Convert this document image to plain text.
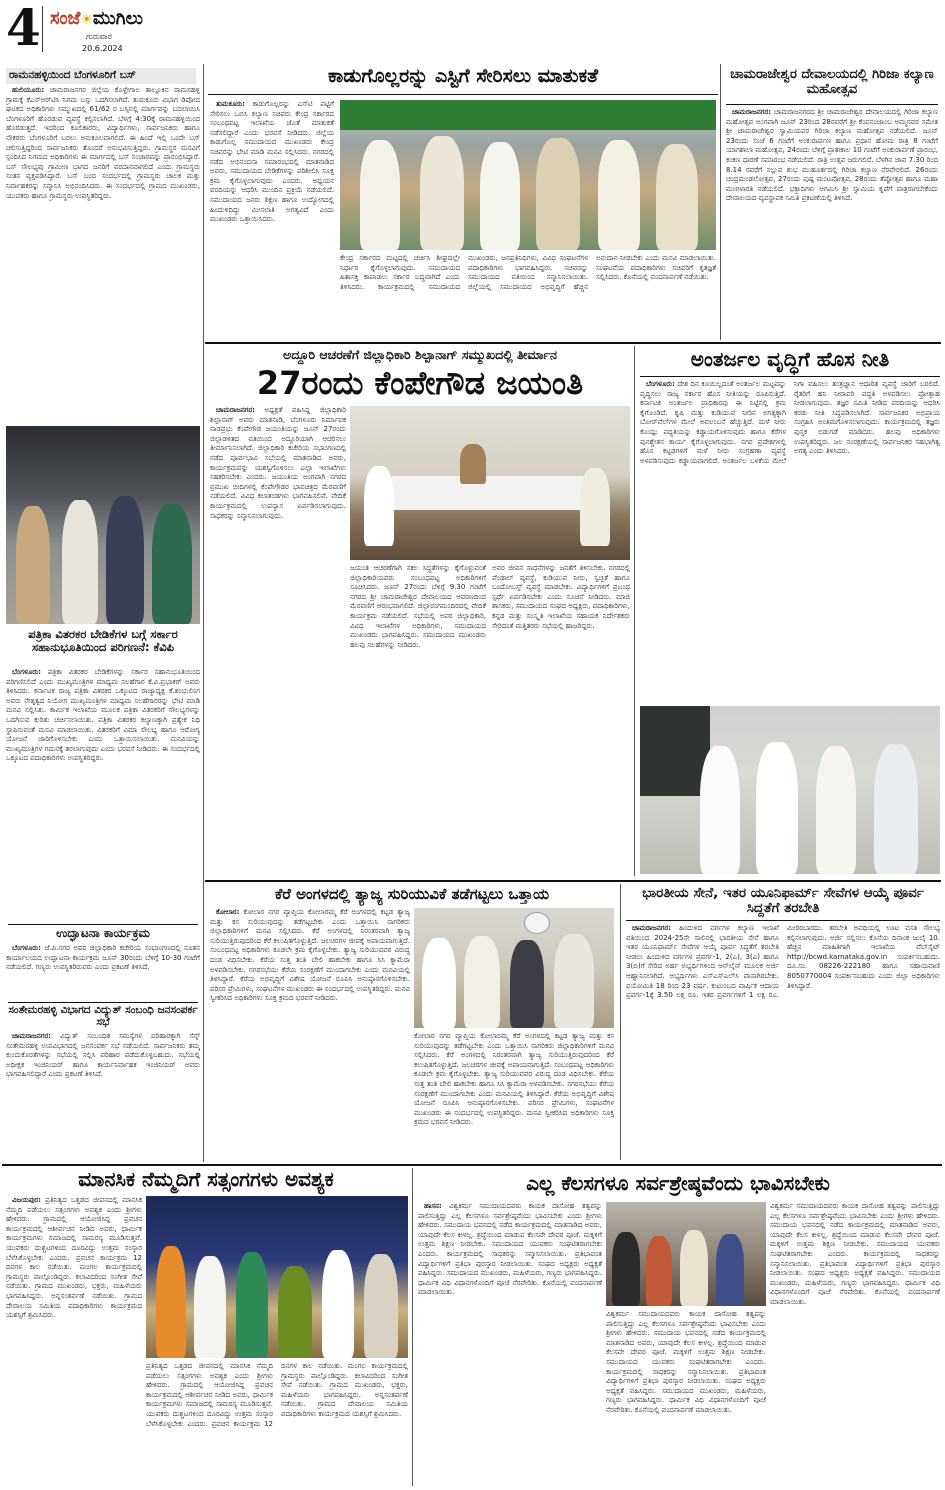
4 ಸಂಜೆ☀ಮುಗಿಲು
ಗುರುವಾರ
20.6.2024
ರಾಮನಹಳ್ಳಿಯಿಂದ ಬೆಂಗಳೂರಿಗೆ ಬಸ್

ಹುಲಿಯೂರು: ಚಾಮರಾಜನಗರ ಜಿಲ್ಲೆಯ ಕೊಳ್ಳೇಗಾಲ ತಾಲ್ಲೂಕಿನ ರಾಮನಹಳ್ಳಿ ಗ್ರಾಮಕ್ಕೆ ಕೆಎಸ್‌ಆರ್‌ಟಿಸಿ ನಿಗಮ ಬಸ್ಸು ಒದಗಿಸಲಾಗಿದೆ. ತುಮಕೂರು ವಿಭಾಗ ಡಿಪೋದ ಘಟಕದ ಅಧಿಕಾರಿಗಳು ಸಮ್ಮುಖದಲ್ಲಿ 61/62 ರ ಬಸ್ಸಿನಲ್ಲಿ ಮಾರ್ಗವನ್ನು ಬದಲಾಯಿಸಿ ಬೆಂಗಳೂರಿಗೆ ಹೊರಡುವ ವ್ಯವಸ್ಥೆ ಕಲ್ಪಿಸಲಾಗಿದೆ. ಬೆಳಗ್ಗೆ 4:30ಕ್ಕೆ ರಾಮನಹಳ್ಳಿಯಿಂದ ಹೊರಡುತ್ತದೆ. ಇದರಿಂದ ಕೂಲಿಕಾರರು, ವಿದ್ಯಾರ್ಥಿಗಳು, ಸಾರ್ವಜನಿಕರು ಹಾಗೂ ನೌಕರರು ಬೆಂಗಳೂರಿಗೆ ಬರಲು ಅನುಕೂಲವಾಗಲಿದೆ. ಈ ಹಿಂದೆ ಇಲ್ಲಿ ಒಂದೇ ಬಸ್ ಚಲಿಸುತ್ತಿದ್ದರಿಂದ ಸಾರ್ವಜನಿಕರು ತೊಂದರೆ ಅನುಭವಿಸುತ್ತಿದ್ದರು. ಗ್ರಾಮಸ್ಥರ ಮನವಿಗೆ ಸ್ಪಂದಿಸಿದ ನಿಗಮದ ಅಧಿಕಾರಿಗಳು ಈ ಮಾರ್ಗದಲ್ಲಿ ಬಸ್ ಸಂಚಾರವನ್ನು ಪ್ರಾರಂಭಿಸಿದ್ದಾರೆ. ಬಸ್ ಸೌಲಭ್ಯವು ಗ್ರಾಮೀಣ ಭಾಗದ ಜನರಿಗೆ ವರದಾನವಾಗಲಿದೆ ಎಂದು ಗ್ರಾಮಸ್ಥರು ಸಂತಸ ವ್ಯಕ್ತಪಡಿಸಿದ್ದಾರೆ. ಬಸ್ ಬಂದ ಸಂದರ್ಭದಲ್ಲಿ ಗ್ರಾಮಸ್ಥರು ಚಾಲಕ ಮತ್ತು ನಿರ್ವಾಹಕರನ್ನು ಸನ್ಮಾನಿಸಿ ಅಭಿನಂದಿಸಿದರು. ಈ ಸಂದರ್ಭದಲ್ಲಿ ಗ್ರಾಮದ ಮುಖಂಡರು, ಯುವಕರು ಹಾಗೂ ಗ್ರಾಮಸ್ಥರು ಉಪಸ್ಥಿತರಿದ್ದರು.

ಪತ್ರಿಕಾ ವಿತರಕರ ಬೇಡಿಕೆಗಳ ಬಗ್ಗೆ ಸರ್ಕಾರ ಸಹಾನುಭೂತಿಯಿಂದ ಪರಿಗಣನೆ: ಕೆವಿಪಿ

ಬೆಂಗಳೂರು: ಪತ್ರಿಕಾ ವಿತರಕರ ಬೇಡಿಕೆಗಳನ್ನು ಸರ್ಕಾರ ಸಹಾನುಭೂತಿಯಿಂದ ಪರಿಗಣಿಸಲಿದೆ ಎಂದು ಮುಖ್ಯಮಂತ್ರಿಗಳ ಮಾಧ್ಯಮ ಸಲಹೆಗಾರ ಕೆ.ವಿ.ಪ್ರಭಾಕರ್ ಅವರು ತಿಳಿಸಿದರು. ಕರ್ನಾಟಕ ರಾಜ್ಯ ಪತ್ರಿಕಾ ವಿತರಕರ ಒಕ್ಕೂಟದ ರಾಜ್ಯಾಧ್ಯಕ್ಷ ಕೆ.ಶಂಭುಲಿಂಗ ಅವರು ನೇತೃತ್ವದ ನಿಯೋಗ ಮುಖ್ಯಮಂತ್ರಿಗಳ ಮಾಧ್ಯಮ ಸಲಹೆಗಾರರನ್ನು ಭೇಟಿ ಮಾಡಿ ಮನವಿ ಸಲ್ಲಿಸಿತು. ಕಾರ್ಮಿಕ ಇಲಾಖೆಯ ಮೂಲಕ ಪತ್ರಿಕಾ ವಿತರಕರಿಗೆ ಸೌಲಭ್ಯಗಳನ್ನು ಒದಗಿಸುವ ಕುರಿತು ಚರ್ಚಿಸಲಾಯಿತು. ಪತ್ರಿಕಾ ವಿತರಕರ ಕಲ್ಯಾಣಕ್ಕಾಗಿ ಪ್ರತ್ಯೇಕ ನಿಧಿ ಸ್ಥಾಪಿಸುವಂತೆ ಮನವಿ ಮಾಡಲಾಯಿತು. ವಿತರಕರಿಗೆ ವಿಮಾ ಸೌಲಭ್ಯ ಹಾಗೂ ಆರೋಗ್ಯ ಯೋಜನೆ ಜಾರಿಗೊಳಿಸಬೇಕು ಎಂದು ಒತ್ತಾಯಿಸಲಾಯಿತು. ಮನವಿಯನ್ನು ಮುಖ್ಯಮಂತ್ರಿಗಳ ಗಮನಕ್ಕೆ ತರಲಾಗುವುದು ಎಂದು ಭರವಸೆ ನೀಡಿದರು. ಈ ಸಂದರ್ಭದಲ್ಲಿ ಒಕ್ಕೂಟದ ಪದಾಧಿಕಾರಿಗಳು ಉಪಸ್ಥಿತರಿದ್ದರು.

ಉದ್ಘಾಟನಾ ಕಾರ್ಯಕ್ರಮ

ಬೆಂಗಳೂರು: ಜೆ.ಪಿ.ನಗರ ಅಪರ ಜಿಲ್ಲಾಧಿಕಾರಿ ಕಚೇರಿಯ ಸಂಭಾಂಗಣದಲ್ಲಿ ನೂತನ ಕಾರ್ಯಾಲಯದ ಉದ್ಘಾಟನಾ ಕಾರ್ಯಕ್ರಮ ಜೂನ್ 30ರಂದು ಬೆಳಿಗ್ಗೆ 10-30 ಗಂಟೆಗೆ ನಡೆಯಲಿದೆ. ಗಣ್ಯರು ಉಪಸ್ಥಿತರಿರುವರು ಎಂದು ಪ್ರಕಟಣೆ ತಿಳಿಸಿದೆ.

ಸಂತೇಮರಹಳ್ಳಿ ವಿಭಾಗದ ವಿದ್ಯುತ್ ಸಂಬಂಧಿ ಜನಸಂಪರ್ಕ ಸಭೆ

ಚಾಮರಾಜನಗರ: ವಿದ್ಯುತ್ ಸಂಬಂಧಿತ ಸಮಸ್ಯೆಗಳ ಪರಿಹಾರಕ್ಕಾಗಿ ಸೆಸ್ಕ್ ಸಂತೇಮರಹಳ್ಳಿ ಉಪವಿಭಾಗದಲ್ಲಿ ಜನಸಂಪರ್ಕ ಸಭೆ ನಡೆಯಲಿದೆ. ಸಾರ್ವಜನಿಕರು ತಮ್ಮ ಕುಂದುಕೊರತೆಗಳನ್ನು ಸಭೆಯಲ್ಲಿ ಸಲ್ಲಿಸಿ ಪರಿಹಾರ ಪಡೆದುಕೊಳ್ಳಬಹುದು. ಸಭೆಯಲ್ಲಿ ಅಧೀಕ್ಷಕ ಇಂಜಿನಿಯರ್ ಹಾಗೂ ಕಾರ್ಯನಿರ್ವಾಹಕ ಇಂಜಿನಿಯರ್ ಅವರು ಭಾಗವಹಿಸಲಿದ್ದಾರೆ ಎಂದು ಪ್ರಕಟಣೆ ತಿಳಿಸಿದೆ.

ಕಾಡುಗೊಲ್ಲರನ್ನು ಎಸ್ಟಿಗೆ ಸೇರಿಸಲು ಮಾತುಕತೆ

ತುಮಕೂರು: ಕಾಡುಗೊಲ್ಲರನ್ನು ಎಸ್‌ಟಿ ಪಟ್ಟಿಗೆ ಸೇರಿಸಲು ಒಬಿಸಿ ಕಲ್ಯಾಣ ಸಚಿವರು ಕೇಂದ್ರ ಸರ್ಕಾರದ ಸಂಬಂಧಪಟ್ಟ ಇಲಾಖೆಯ ಜೊತೆ ಮಾತುಕತೆ ನಡೆಸಲಿದ್ದಾರೆ ಎಂದು ಭರವಸೆ ನೀಡಿದರು. ಜಿಲ್ಲೆಯ ಕಾಡುಗೊಲ್ಲ ಸಮುದಾಯದ ಮುಖಂಡರು ಕೇಂದ್ರ ಸಚಿವರನ್ನು ಭೇಟಿ ಮಾಡಿ ಮನವಿ ಸಲ್ಲಿಸಿದರು. ನಗರದಲ್ಲಿ ನಡೆದ ಅಭಿನಂದನಾ ಸಮಾರಂಭದಲ್ಲಿ ಮಾತನಾಡಿದ ಅವರು, ಸಮುದಾಯದ ಬೇಡಿಕೆಗಳನ್ನು ಪರಿಶೀಲಿಸಿ ಸೂಕ್ತ ಕ್ರಮ ಕೈಗೊಳ್ಳಲಾಗುವುದು ಎಂದರು. ಅಧ್ಯಯನ ವರದಿಯನ್ನು ಆಧರಿಸಿ ಮುಂದಿನ ಪ್ರಕ್ರಿಯೆ ನಡೆಯಲಿದೆ. ಸಮುದಾಯದ ಜನರು ಶಿಕ್ಷಣ ಹಾಗೂ ಉದ್ಯೋಗದಲ್ಲಿ ಹಿಂದುಳಿದಿದ್ದು ಮೀಸಲಾತಿ ಅಗತ್ಯವಿದೆ ಎಂದು ಮುಖಂಡರು ಒತ್ತಾಯಿಸಿದರು.

ಕೇಂದ್ರ ಸರ್ಕಾರದ ಮಟ್ಟದಲ್ಲಿ ಚರ್ಚಿಸಿ ಶೀಘ್ರದಲ್ಲೇ ನಿರ್ಧಾರ ಕೈಗೊಳ್ಳಲಾಗುವುದು. ಸಮುದಾಯದ ಹಿತಾಸಕ್ತಿ ಕಾಪಾಡಲು ಸರ್ಕಾರ ಬದ್ಧವಾಗಿದೆ ಎಂದು ತಿಳಿಸಿದರು. ಕಾರ್ಯಕ್ರಮದಲ್ಲಿ ಸಮುದಾಯದ ಮುಖಂಡರು, ಜನಪ್ರತಿನಿಧಿಗಳು, ವಿವಿಧ ಸಂಘಟನೆಗಳ ಪದಾಧಿಕಾರಿಗಳು ಭಾಗವಹಿಸಿದ್ದರು. ಸಚಿವರನ್ನು ಸಮುದಾಯದ ವತಿಯಿಂದ ಸನ್ಮಾನಿಸಲಾಯಿತು. ಜಿಲ್ಲೆಯಲ್ಲಿ ಸಮುದಾಯದ ಅಭಿವೃದ್ಧಿಗೆ ಹೆಚ್ಚಿನ ಅನುದಾನ ನೀಡಬೇಕು ಎಂದು ಮನವಿ ಮಾಡಲಾಯಿತು. ಸಂಘಟನೆಯ ಪದಾಧಿಕಾರಿಗಳು ಸಚಿವರಿಗೆ ಕೃತಜ್ಞತೆ ಸಲ್ಲಿಸಿದರು. ಕೊನೆಯಲ್ಲಿ ವಂದನಾರ್ಪಣೆ ನಡೆಯಿತು.
ಚಾಮರಾಜೇಶ್ವರ ದೇವಾಲಯದಲ್ಲಿ ಗಿರಿಜಾ ಕಲ್ಯಾಣ ಮಹೋತ್ಸವ

ಚಾಮರಾಜನಗರ: ಚಾಮರಾಜನಗರದ ಶ್ರೀ ಚಾಮರಾಜೇಶ್ವರ ದೇವಾಲಯದಲ್ಲಿ ಗಿರಿಜಾ ಕಲ್ಯಾಣ ಮಹೋತ್ಸವ ಅಂಗವಾಗಿ ಜೂನ್ 23ರಿಂದ 28ರವರೆಗೆ ಶ್ರೀ ಕೆಂಪನಂಜಾಂಬ ಅಮ್ಮನವರ ಸಮೇತ ಶ್ರೀ ಚಾಮರಾಜೇಶ್ವರ ಸ್ವಾಮಿಯವರ ಗಿರಿಜಾ ಕಲ್ಯಾಣ ಮಹೋತ್ಸವ ನಡೆಯಲಿದೆ. ಜೂನ್ 23ರಂದು ಸಂಜೆ 6 ಗಂಟೆಗೆ ಅಂಕುರಾರ್ಪಣ ಹಾಗೂ ಪ್ರಧಾನ ಹೋಮ ರಾತ್ರಿ 8 ಗಂಟೆಗೆ ಯಾಗಶಾಲಾ ಮಹೋತ್ಸವ, 24ರಂದು ಬೆಳಿಗ್ಗೆ ಪ್ರಾತಃಕಾಲ 10 ಗಂಟೆಗೆ ಅಂಕುರಾರ್ಪಣೆ ಪ್ರಾರಂಭ, ಕಂಕಣ ಧಾರಣೆ ಸಮಾರಂಭ ನಡೆಯಲಿದೆ. ರಾತ್ರಿ ಉತ್ಸವ ಜರುಗಲಿದೆ. ಬೆಳಗಿನ ಜಾವ 7.30 ರಿಂದ 8.14 ರವರೆಗೆ ಸಲ್ಲುವ ಶುಭ ಮುಹೂರ್ತದಲ್ಲಿ ಗಿರಿಜಾ ಕಲ್ಯಾಣ ನೆರವೇರಲಿದೆ. 26ರಂದು ಚಂದ್ರಮಂಡಲೋತ್ಸವ, 27ರಂದು ಪುಷ್ಪ ಮಂಟಪೋತ್ಸವ, 28ರಂದು ತೆಪ್ಪೋತ್ಸವ ಹಾಗೂ ಮಹಾ ಮಂಗಳಾರತಿ ನಡೆಯಲಿದೆ. ಭಕ್ತಾದಿಗಳು ಆಗಮಿಸಿ ಶ್ರೀ ಸ್ವಾಮಿಯ ಕೃಪೆಗೆ ಪಾತ್ರರಾಗಬೇಕೆಂದು ದೇವಾಲಯದ ವ್ಯವಸ್ಥಾಪಕ ಸಮಿತಿ ಪ್ರಕಟಣೆಯಲ್ಲಿ ತಿಳಿಸಿದೆ.

ಅದ್ದೂರಿ ಆಚರಣೆಗೆ ಜಿಲ್ಲಾಧಿಕಾರಿ ಶಿಲ್ಪಾನಾಗ್ ಸಮ್ಮುಖದಲ್ಲಿ ತೀರ್ಮಾನ
27ರಂದು ಕೆಂಪೇಗೌಡ ಜಯಂತಿ

ಚಾಮರಾಜನಗರ: ಅಧ್ಯಕ್ಷತೆ ವಹಿಸಿದ್ದ ಜಿಲ್ಲಾಧಿಕಾರಿ ಶಿಲ್ಪಾನಾಗ್ ಅವರು ಮಾತನಾಡಿ, ಬೆಂಗಳೂರು ನಿರ್ಮಾಪಕ ನಾಡಪ್ರಭು ಕೆಂಪೇಗೌಡ ಜಯಂತಿಯನ್ನು ಜೂನ್ 27ರಂದು ಜಿಲ್ಲಾಡಳಿತದ ವತಿಯಿಂದ ಅದ್ದೂರಿಯಾಗಿ ಆಚರಿಸಲು ತೀರ್ಮಾನಿಸಲಾಗಿದೆ. ಜಿಲ್ಲಾಧಿಕಾರಿ ಕಚೇರಿಯ ಸಭಾಂಗಣದಲ್ಲಿ ನಡೆದ ಪೂರ್ವಭಾವಿ ಸಭೆಯಲ್ಲಿ ಮಾತನಾಡಿದ ಅವರು, ಕಾರ್ಯಕ್ರಮವನ್ನು ಯಶಸ್ವಿಗೊಳಿಸಲು ಎಲ್ಲಾ ಇಲಾಖೆಗಳು ಸಹಕರಿಸಬೇಕು ಎಂದರು. ಜಯಂತಿಯ ಅಂಗವಾಗಿ ನಗರದ ಪ್ರಮುಖ ಬೀದಿಗಳಲ್ಲಿ ಕೆಂಪೇಗೌಡರ ಭಾವಚಿತ್ರದ ಮೆರವಣಿಗೆ ನಡೆಯಲಿದೆ. ವಿವಿಧ ಕಲಾತಂಡಗಳು ಭಾಗವಹಿಸಲಿವೆ. ವೇದಿಕೆ ಕಾರ್ಯಕ್ರಮದಲ್ಲಿ ಉಪನ್ಯಾಸ ಏರ್ಪಡಿಸಲಾಗುವುದು. ಸಾಧಕರನ್ನು ಸನ್ಮಾನಿಸಲಾಗುವುದು.

ಜಯಂತಿ ಆಚರಣೆಗಾಗಿ ಸಕಲ ಸಿದ್ಧತೆಗಳನ್ನು ಕೈಗೊಳ್ಳುವಂತೆ ಜಿಲ್ಲಾಧಿಕಾರಿಯವರು ಸಂಬಂಧಪಟ್ಟ ಅಧಿಕಾರಿಗಳಿಗೆ ಸೂಚಿಸಿದರು. ಜೂನ್ 27ರಂದು ಬೆಳಿಗ್ಗೆ 9.30 ಗಂಟೆಗೆ ನಗರದ ಶ್ರೀ ಚಾಮರಾಜೇಶ್ವರ ದೇವಾಲಯದ ಆವರಣದಿಂದ ಮೆರವಣಿಗೆ ಆರಂಭವಾಗಲಿದೆ. ಜಿಲ್ಲಾರಂಗಮಂದಿರದಲ್ಲಿ ವೇದಿಕೆ ಕಾರ್ಯಕ್ರಮ ನಡೆಯಲಿದೆ. ಸಭೆಯಲ್ಲಿ ಅಪರ ಜಿಲ್ಲಾಧಿಕಾರಿ, ವಿವಿಧ ಇಲಾಖೆಗಳ ಅಧಿಕಾರಿಗಳು, ಸಮುದಾಯದ ಮುಖಂಡರು ಭಾಗವಹಿಸಿದ್ದರು. ಸಮುದಾಯದ ಮುಖಂಡರು ಹಲವು ಸಲಹೆಗಳನ್ನು ನೀಡಿದರು.
ಅವರ ಜೀವನ ಸಾಧನೆಗಳನ್ನು ಜನತೆಗೆ ತಿಳಿಸಬೇಕು. ನಗರದಲ್ಲಿ ಪೆಂಡಾಲ್ ವ್ಯವಸ್ಥೆ, ಕುಡಿಯುವ ನೀರು, ಸ್ವಚ್ಛತೆ ಹಾಗೂ ಬಂದೋಬಸ್ತ್ ವ್ಯವಸ್ಥೆ ಮಾಡಬೇಕು. ವಿದ್ಯಾರ್ಥಿಗಳಿಗೆ ಪ್ರಬಂಧ ಸ್ಪರ್ಧೆ ಏರ್ಪಡಿಸಬೇಕು ಎಂದು ಸೂಚನೆ ನೀಡಿದರು. ಮಾಜಿ ಶಾಸಕರು, ಸಮುದಾಯದ ಸಂಘದ ಅಧ್ಯಕ್ಷರು, ಪದಾಧಿಕಾರಿಗಳು, ಕನ್ನಡ ಮತ್ತು ಸಂಸ್ಕೃತಿ ಇಲಾಖೆಯ ಸಹಾಯಕ ನಿರ್ದೇಶಕರು ಸೇರಿದಂತೆ ಮತ್ತಿತರರು ಸಭೆಯಲ್ಲಿ ಹಾಜರಿದ್ದರು.
ಅಂತರ್ಜಲ ವೃದ್ಧಿಗೆ ಹೊಸ ನೀತಿ

ಬೆಂಗಳೂರು: ದೇಶ ದಿನ ಕೂಯಿಲ್ಲದಂತೆ ಅಂತರ್ಜಲ ಮಟ್ಟವನ್ನು ವೃದ್ಧಿಸಲು ರಾಜ್ಯ ಸರ್ಕಾರ ಹೊಸ ನೀತಿಯನ್ನು ರೂಪಿಸುತ್ತಿದೆ. ಕರ್ನಾಟಕ ಅಂತರ್ಜಲ ಪ್ರಾಧಿಕಾರವು ಈ ನಿಟ್ಟಿನಲ್ಲಿ ಕ್ರಮ ಕೈಗೊಂಡಿದೆ. ಕೃಷಿ ಮತ್ತು ಕುಡಿಯುವ ನೀರಿನ ಅಗತ್ಯಕ್ಕಾಗಿ ಬೋರ್‌ವೆಲ್‌ಗಳ ಮೇಲೆ ಅವಲಂಬನೆ ಹೆಚ್ಚುತ್ತಿದೆ. ಮಳೆ ನೀರು ಕೊಯ್ಲು ಪದ್ಧತಿಯನ್ನು ಕಡ್ಡಾಯಗೊಳಿಸುವುದು ಹಾಗೂ ಕೆರೆಗಳ ಪುನಶ್ಚೇತನ ಕಾರ್ಯ ಕೈಗೊಳ್ಳಲಾಗುವುದು. ನಗರ ಪ್ರದೇಶಗಳಲ್ಲಿ ಹೊಸ ಕಟ್ಟಡಗಳಿಗೆ ಮಳೆ ನೀರು ಸಂಗ್ರಹಣಾ ವ್ಯವಸ್ಥೆ ಅಳವಡಿಸುವುದು ಕಡ್ಡಾಯವಾಗಲಿದೆ. ಅಂತರ್ಜಲ ಬಳಕೆಯ ಮೇಲೆ ನಿಗಾ ವಹಿಸಲು ತಂತ್ರಜ್ಞಾನ ಆಧಾರಿತ ವ್ಯವಸ್ಥೆ ಜಾರಿಗೆ ಬರಲಿದೆ. ರೈತರಿಗೆ ಹನಿ ನೀರಾವರಿ ಪದ್ಧತಿ ಅಳವಡಿಸಲು ಪ್ರೋತ್ಸಾಹ ನೀಡಲಾಗುವುದು. ತಜ್ಞರ ಸಮಿತಿ ನೀಡಿದ ವರದಿಯನ್ನು ಆಧರಿಸಿ ಕರಡು ನೀತಿ ಸಿದ್ಧಪಡಿಸಲಾಗಿದೆ. ಸಾರ್ವಜನಿಕರ ಅಭಿಪ್ರಾಯ ಸಂಗ್ರಹಿಸಿ ಅಂತಿಮಗೊಳಿಸಲಾಗುವುದು. ಕಾರ್ಯಕ್ರಮದಲ್ಲಿ ತಜ್ಞರು ಪುಸ್ತಕ ಬಿಡುಗಡೆ ಮಾಡಿದರು. ಹಲವು ಅಧಿಕಾರಿಗಳು ಉಪಸ್ಥಿತರಿದ್ದರು. ಜಲ ಸಂರಕ್ಷಣೆಯಲ್ಲಿ ಸಾರ್ವಜನಿಕರ ಸಹಭಾಗಿತ್ವ ಅಗತ್ಯ ಎಂದು ತಿಳಿಸಿದರು.

ಕೆರೆ ಅಂಗಳದಲ್ಲಿ ತ್ಯಾಜ್ಯ ಸುರಿಯುವಿಕೆ ತಡೆಗಟ್ಟಲು ಒತ್ತಾಯ

ಕೋಲಾರ: ಕೋಲಾರ ನಗರ ವ್ಯಾಪ್ತಿಯ ಕೋಲಾರಮ್ಮ ಕೆರೆ ಅಂಗಳದಲ್ಲಿ ಕಟ್ಟಡ ತ್ಯಾಜ್ಯ ಮತ್ತು ಕಸ ಸುರಿಯುವುದನ್ನು ತಡೆಗಟ್ಟಬೇಕು ಎಂದು ಒತ್ತಾಯಿಸಿ ನಾಗರಿಕರು ಜಿಲ್ಲಾಧಿಕಾರಿಗಳಿಗೆ ಮನವಿ ಸಲ್ಲಿಸಿದರು. ಕೆರೆ ಅಂಗಳದಲ್ಲಿ ನಿರಂತರವಾಗಿ ತ್ಯಾಜ್ಯ ಸುರಿಯುತ್ತಿರುವುದರಿಂದ ಕೆರೆ ಕಲುಷಿತಗೊಳ್ಳುತ್ತಿದೆ. ಜಲಚರಗಳ ಜೀವಕ್ಕೆ ಅಪಾಯವಾಗುತ್ತಿದೆ. ಸಂಬಂಧಪಟ್ಟ ಅಧಿಕಾರಿಗಳು ಕೂಡಲೇ ಕ್ರಮ ಕೈಗೊಳ್ಳಬೇಕು. ತ್ಯಾಜ್ಯ ಸುರಿಯುವವರ ವಿರುದ್ಧ ದಂಡ ವಿಧಿಸಬೇಕು. ಕೆರೆಯ ಸುತ್ತ ತಂತಿ ಬೇಲಿ ಹಾಕಬೇಕು ಹಾಗೂ ಸಿಸಿ ಕ್ಯಾಮೆರಾ ಅಳವಡಿಸಬೇಕು. ನಗರಸಭೆಯು ಕೆರೆಯ ಸಂರಕ್ಷಣೆಗೆ ಮುಂದಾಗಬೇಕು ಎಂದು ಮನವಿಯಲ್ಲಿ ತಿಳಿಸಿದ್ದಾರೆ. ಕೆರೆಯ ಅಭಿವೃದ್ಧಿಗೆ ವಿಶೇಷ ಯೋಜನೆ ರೂಪಿಸಿ ಅನುಷ್ಠಾನಗೊಳಿಸಬೇಕು. ಪರಿಸರ ಪ್ರೇಮಿಗಳು, ಸಂಘಟನೆಗಳ ಮುಖಂಡರು ಈ ಸಂದರ್ಭದಲ್ಲಿ ಉಪಸ್ಥಿತರಿದ್ದರು. ಮನವಿ ಸ್ವೀಕರಿಸಿದ ಅಧಿಕಾರಿಗಳು ಸೂಕ್ತ ಕ್ರಮದ ಭರವಸೆ ನೀಡಿದರು.

ಕೋಲಾರ ನಗರ ವ್ಯಾಪ್ತಿಯ ಕೋಲಾರಮ್ಮ ಕೆರೆ ಅಂಗಳದಲ್ಲಿ ಕಟ್ಟಡ ತ್ಯಾಜ್ಯ ಮತ್ತು ಕಸ ಸುರಿಯುವುದನ್ನು ತಡೆಗಟ್ಟಬೇಕು ಎಂದು ಒತ್ತಾಯಿಸಿ ನಾಗರಿಕರು ಜಿಲ್ಲಾಧಿಕಾರಿಗಳಿಗೆ ಮನವಿ ಸಲ್ಲಿಸಿದರು. ಕೆರೆ ಅಂಗಳದಲ್ಲಿ ನಿರಂತರವಾಗಿ ತ್ಯಾಜ್ಯ ಸುರಿಯುತ್ತಿರುವುದರಿಂದ ಕೆರೆ ಕಲುಷಿತಗೊಳ್ಳುತ್ತಿದೆ. ಜಲಚರಗಳ ಜೀವಕ್ಕೆ ಅಪಾಯವಾಗುತ್ತಿದೆ. ಸಂಬಂಧಪಟ್ಟ ಅಧಿಕಾರಿಗಳು ಕೂಡಲೇ ಕ್ರಮ ಕೈಗೊಳ್ಳಬೇಕು. ತ್ಯಾಜ್ಯ ಸುರಿಯುವವರ ವಿರುದ್ಧ ದಂಡ ವಿಧಿಸಬೇಕು. ಕೆರೆಯ ಸುತ್ತ ತಂತಿ ಬೇಲಿ ಹಾಕಬೇಕು ಹಾಗೂ ಸಿಸಿ ಕ್ಯಾಮೆರಾ ಅಳವಡಿಸಬೇಕು. ನಗರಸಭೆಯು ಕೆರೆಯ ಸಂರಕ್ಷಣೆಗೆ ಮುಂದಾಗಬೇಕು ಎಂದು ಮನವಿಯಲ್ಲಿ ತಿಳಿಸಿದ್ದಾರೆ. ಕೆರೆಯ ಅಭಿವೃದ್ಧಿಗೆ ವಿಶೇಷ ಯೋಜನೆ ರೂಪಿಸಿ ಅನುಷ್ಠಾನಗೊಳಿಸಬೇಕು. ಪರಿಸರ ಪ್ರೇಮಿಗಳು, ಸಂಘಟನೆಗಳ ಮುಖಂಡರು ಈ ಸಂದರ್ಭದಲ್ಲಿ ಉಪಸ್ಥಿತರಿದ್ದರು. ಮನವಿ ಸ್ವೀಕರಿಸಿದ ಅಧಿಕಾರಿಗಳು ಸೂಕ್ತ ಕ್ರಮದ ಭರವಸೆ ನೀಡಿದರು.
ಭಾರತೀಯ ಸೇನೆ, ಇತರ ಯೂನಿಫಾರ್ಮ್ ಸೇವೆಗಳ ಆಯ್ಕೆ ಪೂರ್ವ ಸಿದ್ದತೆಗೆ ತರಬೇತಿ

ಚಾಮರಾಜನಗರ: ಹಿಂದುಳಿದ ವರ್ಗಗಳ ಕಲ್ಯಾಣ ಇಲಾಖೆ ವತಿಯಿಂದ 2024-25ನೇ ಸಾಲಿನಲ್ಲಿ ಭಾರತೀಯ ಸೇನೆ ಹಾಗೂ ಇತರ ಯೂನಿಫಾರ್ಮ್ ಸೇವೆಗಳ ಆಯ್ಕೆ ಪೂರ್ವ ಸಿದ್ಧತೆಗೆ ತರಬೇತಿ ನೀಡಲು ಹಿಂದುಳಿದ ವರ್ಗಗಳ ಪ್ರವರ್ಗ-1, 2(ಎ), 3(ಎ) ಹಾಗೂ 3(ಬಿ)ಗೆ ಸೇರಿದ ಅರ್ಹ ಅಭ್ಯರ್ಥಿಗಳಿಂದ ಆನ್‌ಲೈನ್ ಮೂಲಕ ಅರ್ಜಿ ಆಹ್ವಾನಿಸಲಾಗಿದೆ. ಅಭ್ಯರ್ಥಿಗಳು ಎಸ್‌ಎಸ್‌ಎಲ್‌ಸಿ ಪಾಸಾಗಿರಬೇಕು. ವಯೋಮಿತಿ 18 ರಿಂದ 23 ವರ್ಷ. ಕುಟುಂಬದ ವಾರ್ಷಿಕ ಆದಾಯ ಪ್ರವರ್ಗ-1ಕ್ಕೆ 3.50 ಲಕ್ಷ ರೂ. ಇತರ ಪ್ರವರ್ಗಗಳಿಗೆ 1 ಲಕ್ಷ ರೂ. ಮೀರಿರಬಾರದು. ತರಬೇತಿ ಅವಧಿಯಲ್ಲಿ ಊಟ ವಸತಿ ಸೌಲಭ್ಯ ಕಲ್ಪಿಸಲಾಗುವುದು. ಅರ್ಜಿ ಸಲ್ಲಿಸಲು ಕೊನೆಯ ದಿನಾಂಕ ಜುಲೈ 10. ಹೆಚ್ಚಿನ ಮಾಹಿತಿಗಾಗಿ ಇಲಾಖೆಯ ವೆಬ್‌ಸೈಟ್ http://bcwd.karnataka.gov.in ಸಂಪರ್ಕಿಸಬಹುದು. ದೂ.ಸಂ. 08226-222180 ಹಾಗೂ ಸಹಾಯವಾಣಿ 8050770004 ಸಂಪರ್ಕಿಸಬಹುದು ಎಂದು ಜಿಲ್ಲಾ ಅಧಿಕಾರಿಗಳು ತಿಳಿಸಿದ್ದಾರೆ.

ಮಾನಸಿಕ ನೆಮ್ಮದಿಗೆ ಸತ್ಸಂಗಗಳು ಅವಶ್ಯಕ

ವಿಜಯಪುರ: ಪ್ರತಿನಿತ್ಯದ ಒತ್ತಡದ ಜೀವನದಲ್ಲಿ ಮಾನಸಿಕ ನೆಮ್ಮದಿ ಪಡೆಯಲು ಸತ್ಸಂಗಗಳು ಅವಶ್ಯಕ ಎಂದು ಶ್ರೀಗಳು ಹೇಳಿದರು. ಗ್ರಾಮದಲ್ಲಿ ಆಯೋಜಿಸಿದ್ದ ಪ್ರವಚನ ಕಾರ್ಯಕ್ರಮದಲ್ಲಿ ಆಶೀರ್ವಚನ ನೀಡಿದ ಅವರು, ಧಾರ್ಮಿಕ ಕಾರ್ಯಕ್ರಮಗಳು ಸಮಾಜದಲ್ಲಿ ಸಾಮರಸ್ಯ ಮೂಡಿಸುತ್ತವೆ. ಯುವಕರು ದುಶ್ಚಟಗಳಿಂದ ದೂರವಿದ್ದು ಉತ್ತಮ ಸಂಸ್ಕಾರ ಬೆಳೆಸಿಕೊಳ್ಳಬೇಕು ಎಂದರು. ಪ್ರವಚನ ಕಾರ್ಯಕ್ರಮ 12 ದಿನಗಳ ಕಾಲ ನಡೆಯಿತು. ಮಂಗಲ ಕಾರ್ಯಕ್ರಮದಲ್ಲಿ ಗ್ರಾಮಸ್ಥರು ಪಾಲ್ಗೊಂಡಿದ್ದರು. ಕಲಾವಿದರಿಂದ ಸಂಗೀತ ಸೇವೆ ನಡೆಯಿತು. ಗ್ರಾಮದ ಮುಖಂಡರು, ಭಕ್ತರು, ಮಹಿಳೆಯರು ಭಾಗವಹಿಸಿದ್ದರು. ಅನ್ನಸಂತರ್ಪಣೆ ನಡೆಯಿತು. ಗ್ರಾಮದ ದೇವಾಲಯ ಸಮಿತಿಯ ಪದಾಧಿಕಾರಿಗಳು ಕಾರ್ಯಕ್ರಮದ ಯಶಸ್ಸಿಗೆ ಶ್ರಮಿಸಿದರು.

ಪ್ರತಿನಿತ್ಯದ ಒತ್ತಡದ ಜೀವನದಲ್ಲಿ ಮಾನಸಿಕ ನೆಮ್ಮದಿ ಪಡೆಯಲು ಸತ್ಸಂಗಗಳು ಅವಶ್ಯಕ ಎಂದು ಶ್ರೀಗಳು ಹೇಳಿದರು. ಗ್ರಾಮದಲ್ಲಿ ಆಯೋಜಿಸಿದ್ದ ಪ್ರವಚನ ಕಾರ್ಯಕ್ರಮದಲ್ಲಿ ಆಶೀರ್ವಚನ ನೀಡಿದ ಅವರು, ಧಾರ್ಮಿಕ ಕಾರ್ಯಕ್ರಮಗಳು ಸಮಾಜದಲ್ಲಿ ಸಾಮರಸ್ಯ ಮೂಡಿಸುತ್ತವೆ. ಯುವಕರು ದುಶ್ಚಟಗಳಿಂದ ದೂರವಿದ್ದು ಉತ್ತಮ ಸಂಸ್ಕಾರ ಬೆಳೆಸಿಕೊಳ್ಳಬೇಕು ಎಂದರು. ಪ್ರವಚನ ಕಾರ್ಯಕ್ರಮ 12 ದಿನಗಳ ಕಾಲ ನಡೆಯಿತು. ಮಂಗಲ ಕಾರ್ಯಕ್ರಮದಲ್ಲಿ ಗ್ರಾಮಸ್ಥರು ಪಾಲ್ಗೊಂಡಿದ್ದರು. ಕಲಾವಿದರಿಂದ ಸಂಗೀತ ಸೇವೆ ನಡೆಯಿತು. ಗ್ರಾಮದ ಮುಖಂಡರು, ಭಕ್ತರು, ಮಹಿಳೆಯರು ಭಾಗವಹಿಸಿದ್ದರು. ಅನ್ನಸಂತರ್ಪಣೆ ನಡೆಯಿತು. ಗ್ರಾಮದ ದೇವಾಲಯ ಸಮಿತಿಯ ಪದಾಧಿಕಾರಿಗಳು ಕಾರ್ಯಕ್ರಮದ ಯಶಸ್ಸಿಗೆ ಶ್ರಮಿಸಿದರು.
ಎಲ್ಲ ಕೆಲಸಗಳೂ ಸರ್ವಶ್ರೇಷ್ಠವೆಂದು ಭಾವಿಸಬೇಕು

ಹಾಸನ: ವಿಶ್ವಕರ್ಮ ಸಮುದಾಯದವರು ಕಾಯಕ ದಾಸೋಹ ತತ್ವವನ್ನು ಪಾಲಿಸುತ್ತಿದ್ದು ಎಲ್ಲ ಕೆಲಸಗಳೂ ಸರ್ವಶ್ರೇಷ್ಠವೆಂದು ಭಾವಿಸಬೇಕು ಎಂದು ಶ್ರೀಗಳು ಹೇಳಿದರು. ಸಮುದಾಯ ಭವನದಲ್ಲಿ ನಡೆದ ಕಾರ್ಯಕ್ರಮದಲ್ಲಿ ಮಾತನಾಡಿದ ಅವರು, ಯಾವುದೇ ಕೆಲಸ ಕೀಳಲ್ಲ. ಶ್ರದ್ಧೆಯಿಂದ ಮಾಡುವ ಕೆಲಸವೇ ದೇವರ ಪೂಜೆ. ಮಕ್ಕಳಿಗೆ ಉತ್ತಮ ಶಿಕ್ಷಣ ನೀಡಬೇಕು. ಸಮುದಾಯದ ಯುವಕರು ಸಂಘಟಿತರಾಗಬೇಕು ಎಂದರು. ಕಾರ್ಯಕ್ರಮದಲ್ಲಿ ಸಾಧಕರನ್ನು ಸನ್ಮಾನಿಸಲಾಯಿತು. ಪ್ರತಿಭಾವಂತ ವಿದ್ಯಾರ್ಥಿಗಳಿಗೆ ಪ್ರತಿಭಾ ಪುರಸ್ಕಾರ ನೀಡಲಾಯಿತು. ಸಂಘದ ಅಧ್ಯಕ್ಷರು ಅಧ್ಯಕ್ಷತೆ ವಹಿಸಿದ್ದರು. ಸಮುದಾಯದ ಮುಖಂಡರು, ಮಹಿಳೆಯರು, ಗಣ್ಯರು ಭಾಗವಹಿಸಿದ್ದರು. ಧಾರ್ಮಿಕ ವಿಧಿ ವಿಧಾನಗಳೊಂದಿಗೆ ಪೂಜೆ ನೆರವೇರಿತು. ಕೊನೆಯಲ್ಲಿ ವಂದನಾರ್ಪಣೆ ಮಾಡಲಾಯಿತು.

ವಿಶ್ವಕರ್ಮ ಸಮುದಾಯದವರು ಕಾಯಕ ದಾಸೋಹ ತತ್ವವನ್ನು ಪಾಲಿಸುತ್ತಿದ್ದು ಎಲ್ಲ ಕೆಲಸಗಳೂ ಸರ್ವಶ್ರೇಷ್ಠವೆಂದು ಭಾವಿಸಬೇಕು ಎಂದು ಶ್ರೀಗಳು ಹೇಳಿದರು. ಸಮುದಾಯ ಭವನದಲ್ಲಿ ನಡೆದ ಕಾರ್ಯಕ್ರಮದಲ್ಲಿ ಮಾತನಾಡಿದ ಅವರು, ಯಾವುದೇ ಕೆಲಸ ಕೀಳಲ್ಲ. ಶ್ರದ್ಧೆಯಿಂದ ಮಾಡುವ ಕೆಲಸವೇ ದೇವರ ಪೂಜೆ. ಮಕ್ಕಳಿಗೆ ಉತ್ತಮ ಶಿಕ್ಷಣ ನೀಡಬೇಕು. ಸಮುದಾಯದ ಯುವಕರು ಸಂಘಟಿತರಾಗಬೇಕು ಎಂದರು. ಕಾರ್ಯಕ್ರಮದಲ್ಲಿ ಸಾಧಕರನ್ನು ಸನ್ಮಾನಿಸಲಾಯಿತು. ಪ್ರತಿಭಾವಂತ ವಿದ್ಯಾರ್ಥಿಗಳಿಗೆ ಪ್ರತಿಭಾ ಪುರಸ್ಕಾರ ನೀಡಲಾಯಿತು. ಸಂಘದ ಅಧ್ಯಕ್ಷರು ಅಧ್ಯಕ್ಷತೆ ವಹಿಸಿದ್ದರು. ಸಮುದಾಯದ ಮುಖಂಡರು, ಮಹಿಳೆಯರು, ಗಣ್ಯರು ಭಾಗವಹಿಸಿದ್ದರು. ಧಾರ್ಮಿಕ ವಿಧಿ ವಿಧಾನಗಳೊಂದಿಗೆ ಪೂಜೆ ನೆರವೇರಿತು. ಕೊನೆಯಲ್ಲಿ ವಂದನಾರ್ಪಣೆ ಮಾಡಲಾಯಿತು.
ವಿಶ್ವಕರ್ಮ ಸಮುದಾಯದವರು ಕಾಯಕ ದಾಸೋಹ ತತ್ವವನ್ನು ಪಾಲಿಸುತ್ತಿದ್ದು ಎಲ್ಲ ಕೆಲಸಗಳೂ ಸರ್ವಶ್ರೇಷ್ಠವೆಂದು ಭಾವಿಸಬೇಕು ಎಂದು ಶ್ರೀಗಳು ಹೇಳಿದರು. ಸಮುದಾಯ ಭವನದಲ್ಲಿ ನಡೆದ ಕಾರ್ಯಕ್ರಮದಲ್ಲಿ ಮಾತನಾಡಿದ ಅವರು, ಯಾವುದೇ ಕೆಲಸ ಕೀಳಲ್ಲ. ಶ್ರದ್ಧೆಯಿಂದ ಮಾಡುವ ಕೆಲಸವೇ ದೇವರ ಪೂಜೆ. ಮಕ್ಕಳಿಗೆ ಉತ್ತಮ ಶಿಕ್ಷಣ ನೀಡಬೇಕು. ಸಮುದಾಯದ ಯುವಕರು ಸಂಘಟಿತರಾಗಬೇಕು ಎಂದರು. ಕಾರ್ಯಕ್ರಮದಲ್ಲಿ ಸಾಧಕರನ್ನು ಸನ್ಮಾನಿಸಲಾಯಿತು. ಪ್ರತಿಭಾವಂತ ವಿದ್ಯಾರ್ಥಿಗಳಿಗೆ ಪ್ರತಿಭಾ ಪುರಸ್ಕಾರ ನೀಡಲಾಯಿತು. ಸಂಘದ ಅಧ್ಯಕ್ಷರು ಅಧ್ಯಕ್ಷತೆ ವಹಿಸಿದ್ದರು. ಸಮುದಾಯದ ಮುಖಂಡರು, ಮಹಿಳೆಯರು, ಗಣ್ಯರು ಭಾಗವಹಿಸಿದ್ದರು. ಧಾರ್ಮಿಕ ವಿಧಿ ವಿಧಾನಗಳೊಂದಿಗೆ ಪೂಜೆ ನೆರವೇರಿತು. ಕೊನೆಯಲ್ಲಿ ವಂದನಾರ್ಪಣೆ ಮಾಡಲಾಯಿತು.
